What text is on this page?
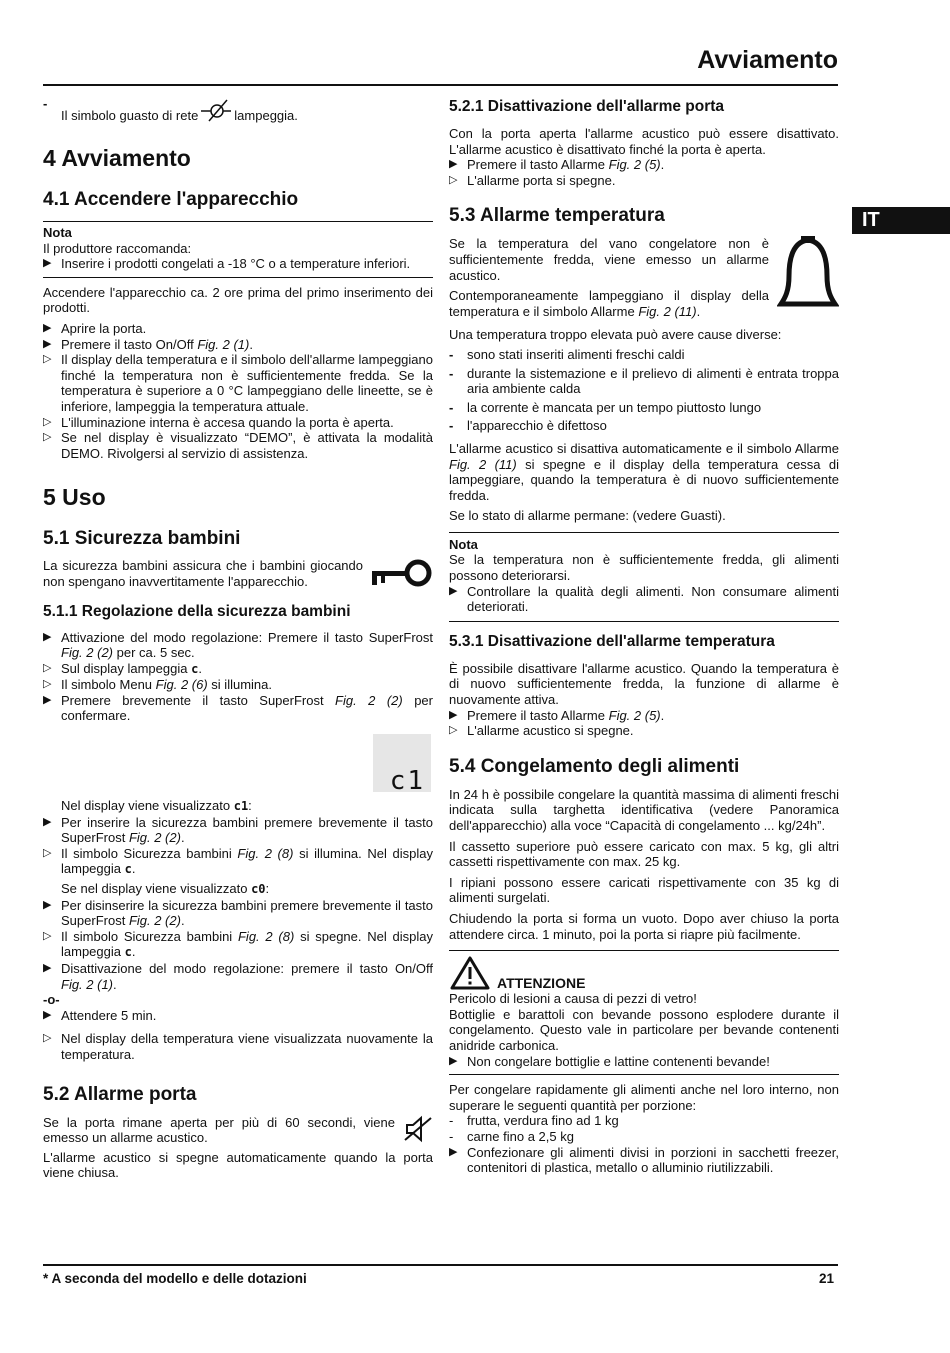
Avviamento
IT
-
Il simbolo guasto di rete	lampeggia.
4 Avviamento
4.1 Accendere l'apparecchio
Nota
Il produttore raccomanda:
▶ Inserire i prodotti congelati a -18 °C o a temperature inferiori.

Accendere l'apparecchio ca. 2 ore prima del primo inserimento dei prodotti.

▶ Aprire la porta.
▶ Premere il tasto On/Off Fig. 2 (1).
▷ Il display della temperatura e il simbolo dell'allarme lampeggiano finché la temperatura non è sufficientemente fredda. Se la temperatura è superiore a 0 °C lampeggiano delle lineette, se è inferiore, lampeggia la temperatura attuale.
▷ L'illuminazione interna è accesa quando la porta è aperta.
▷ Se nel display è visualizzato “DEMO”, è attivata la modalità DEMO. Rivolgersi al servizio di assistenza.
5 Uso
5.1 Sicurezza bambini

La sicurezza bambini assicura che i bambini giocando non spengano inavvertitamente l'apparecchio.

5.1.1 Regolazione della sicurezza bambini
▶ Attivazione del modo regolazione: Premere il tasto SuperFrost Fig. 2 (2) per ca. 5 sec.
▷ Sul display lampeggia c.
▷ Il simbolo Menu Fig. 2 (6) si illumina.
▶ Premere brevemente il tasto SuperFrost Fig. 2 (2) per confermare.
c1
Nel display viene visualizzato c1:
▶ Per inserire la sicurezza bambini premere brevemente il tasto SuperFrost Fig. 2 (2).
▷ Il simbolo Sicurezza bambini Fig. 2 (8) si illumina. Nel display lampeggia c.
Se nel display viene visualizzato c0:
▶ Per disinserire la sicurezza bambini premere brevemente il tasto SuperFrost Fig. 2 (2).
▷ Il simbolo Sicurezza bambini Fig. 2 (8) si spegne. Nel display lampeggia c.
▶ Disattivazione del modo regolazione: premere il tasto On/Off Fig. 2 (1).
-o-
▶ Attendere 5 min.
▷ Nel display della temperatura viene visualizzata nuovamente la temperatura.
5.2 Allarme porta

Se la porta rimane aperta per più di 60 secondi, viene emesso un allarme acustico.

L'allarme acustico si spegne automaticamente quando la porta viene chiusa.

5.2.1 Disattivazione dell'allarme porta

Con la porta aperta l'allarme acustico può essere disattivato. L'allarme acustico è disattivato finché la porta è aperta.

▶ Premere il tasto Allarme Fig. 2 (5).
▷ L'allarme porta si spegne.
5.3 Allarme temperatura

Se la temperatura del vano congelatore non è sufficientemente fredda, viene emesso un allarme acustico.

Contemporaneamente lampeggiano il display della temperatura e il simbolo Allarme Fig. 2 (11).

Una temperatura troppo elevata può avere cause diverse:

-	sono stati inseriti alimenti freschi caldi
-	durante la sistemazione e il prelievo di alimenti è entrata troppa aria ambiente calda
-	la corrente è mancata per un tempo piuttosto lungo
-	l'apparecchio è difettoso

L'allarme acustico si disattiva automaticamente e il simbolo Allarme Fig. 2 (11) si spegne e il display della temperatura cessa di lampeggiare, quando la temperatura è di nuovo sufficientemente fredda.

Se lo stato di allarme permane: (vedere Guasti).

Nota

Se la temperatura non è sufficientemente fredda, gli alimenti possono deteriorarsi.

▶ Controllare la qualità degli alimenti. Non consumare alimenti deteriorati.
5.3.1 Disattivazione dell'allarme temperatura

È possibile disattivare l'allarme acustico. Quando la temperatura è di nuovo sufficientemente fredda, la funzione di allarme è nuovamente attiva.

▶ Premere il tasto Allarme Fig. 2 (5).
▷ L'allarme acustico si spegne.
5.4 Congelamento degli alimenti

In 24 h è possibile congelare la quantità massima di alimenti freschi indicata sulla targhetta identificativa (vedere Panoramica dell'apparecchio) alla voce “Capacità di congelamento ... kg/24h”.

Il cassetto superiore può essere caricato con max. 5 kg, gli altri cassetti rispettivamente con max. 25 kg.

I ripiani possono essere caricati rispettivamente con 35 kg di alimenti surgelati.

Chiudendo la porta si forma un vuoto. Dopo aver chiuso la porta attendere circa. 1 minuto, poi la porta si riapre più facilmente.

ATTENZIONE

Pericolo di lesioni a causa di pezzi di vetro!

Bottiglie e barattoli con bevande possono esplodere durante il congelamento. Questo vale in particolare per bevande contenenti anidride carbonica.

▶ Non congelare bottiglie e lattine contenenti bevande!

Per congelare rapidamente gli alimenti anche nel loro interno, non superare le seguenti quantità per porzione:

-	frutta, verdura fino ad 1 kg
-	carne fino a 2,5 kg
▶ Confezionare gli alimenti divisi in porzioni in sacchetti freezer, contenitori di plastica, metallo o alluminio riutilizzabili.
* A seconda del modello e delle dotazioni	21
